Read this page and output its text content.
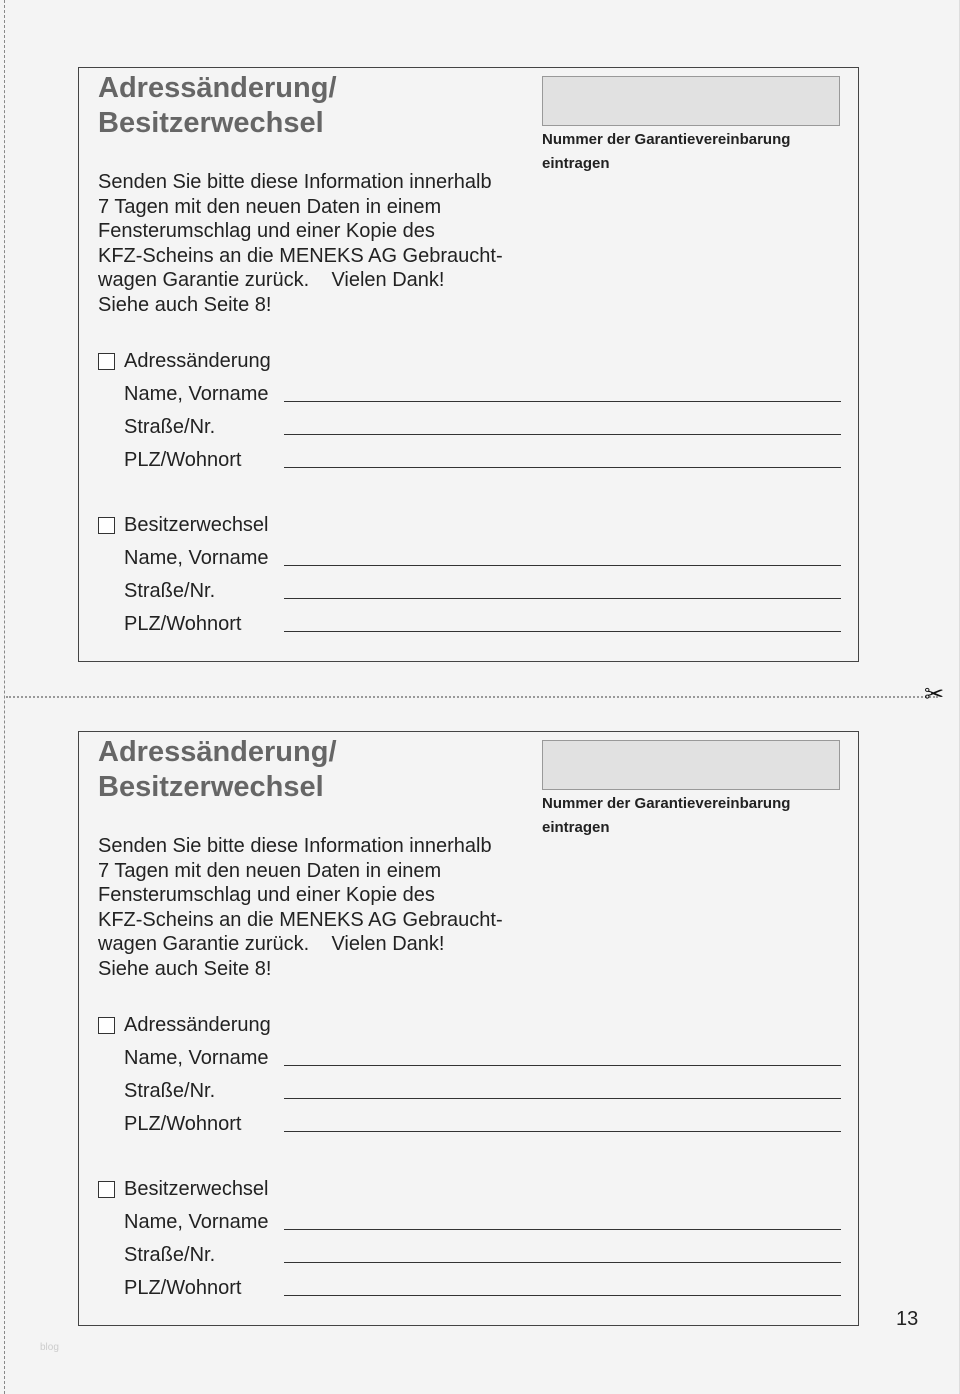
✂
Adressänderung/
Besitzerwechsel
Nummer der Garantievereinbarung
eintragen
Senden Sie bitte diese Information innerhalb
7 Tagen mit den neuen Daten in einem
Fensterumschlag und einer Kopie des
KFZ-Scheins an die MENEKS AG Gebraucht-
wagen Garantie zurück.    Vielen Dank!
Siehe auch Seite 8!
Adressänderung
Name, Vorname
Straße/Nr.
PLZ/Wohnort
Besitzerwechsel
Name, Vorname
Straße/Nr.
PLZ/Wohnort
Adressänderung/
Besitzerwechsel
Nummer der Garantievereinbarung
eintragen
Senden Sie bitte diese Information innerhalb
7 Tagen mit den neuen Daten in einem
Fensterumschlag und einer Kopie des
KFZ-Scheins an die MENEKS AG Gebraucht-
wagen Garantie zurück.    Vielen Dank!
Siehe auch Seite 8!
Adressänderung
Name, Vorname
Straße/Nr.
PLZ/Wohnort
Besitzerwechsel
Name, Vorname
Straße/Nr.
PLZ/Wohnort
13
blog
